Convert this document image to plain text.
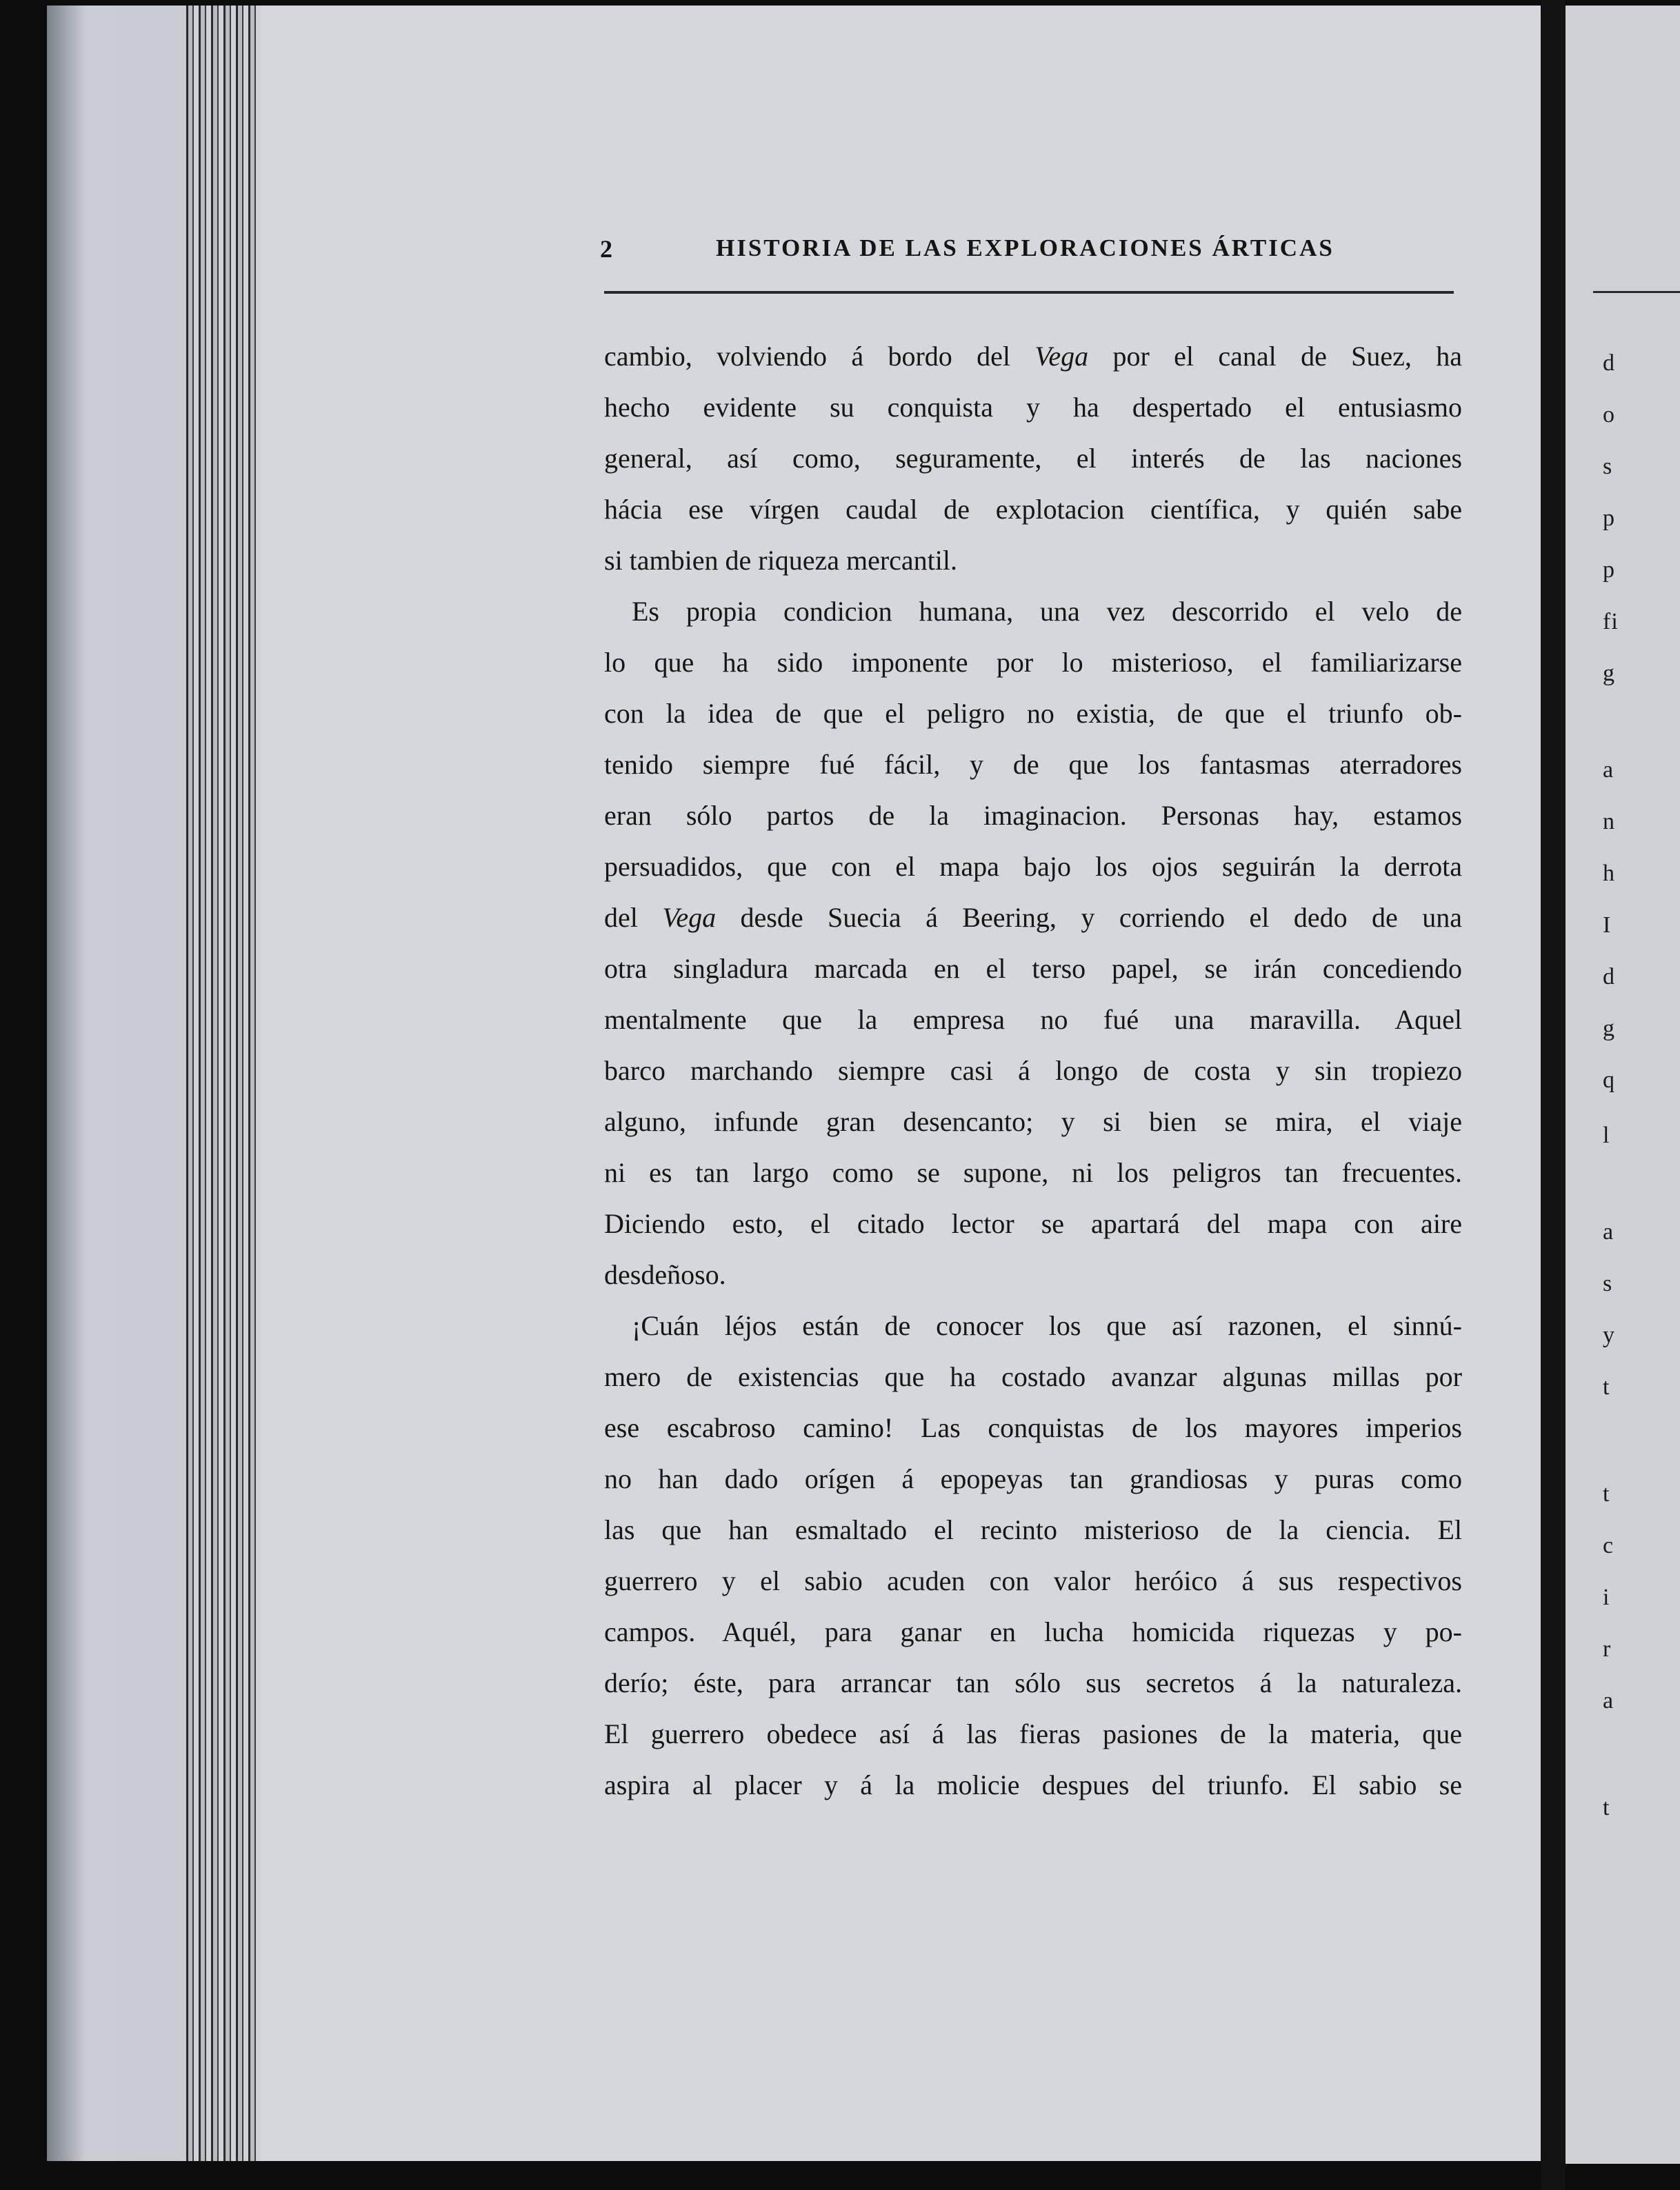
2	HISTORIA DE LAS EXPLORACIONES ÁRTICAS
cambio, volviendo á bordo del Vega por el canal de Suez, ha
hecho evidente su conquista y ha despertado el entusiasmo
general, así como, seguramente, el interés de las naciones
hácia ese vírgen caudal de explotacion científica, y quién sabe
si tambien de riqueza mercantil.
Es propia condicion humana, una vez descorrido el velo de
lo que ha sido imponente por lo misterioso, el familiarizarse
con la idea de que el peligro no existia, de que el triunfo ob-
tenido siempre fué fácil, y de que los fantasmas aterradores
eran sólo partos de la imaginacion. Personas hay, estamos
persuadidos, que con el mapa bajo los ojos seguirán la derrota
del Vega desde Suecia á Beering, y corriendo el dedo de una
otra singladura marcada en el terso papel, se irán concediendo
mentalmente que la empresa no fué una maravilla. Aquel
barco marchando siempre casi á longo de costa y sin tropiezo
alguno, infunde gran desencanto; y si bien se mira, el viaje
ni es tan largo como se supone, ni los peligros tan frecuentes.
Diciendo esto, el citado lector se apartará del mapa con aire
desdeñoso.
¡Cuán léjos están de conocer los que así razonen, el sinnú-
mero de existencias que ha costado avanzar algunas millas por
ese escabroso camino! Las conquistas de los mayores imperios
no han dado orígen á epopeyas tan grandiosas y puras como
las que han esmaltado el recinto misterioso de la ciencia. El
guerrero y el sabio acuden con valor heróico á sus respectivos
campos. Aquél, para ganar en lucha homicida riquezas y po-
derío; éste, para arrancar tan sólo sus secretos á la naturaleza.
El guerrero obedece así á las fieras pasiones de la materia, que
aspira al placer y á la molicie despues del triunfo. El sabio se
d
o
s
p
p
fi
g
a
n
h
I
d
g
q
l
a
s
y
t
t
c
i
r
a
t
